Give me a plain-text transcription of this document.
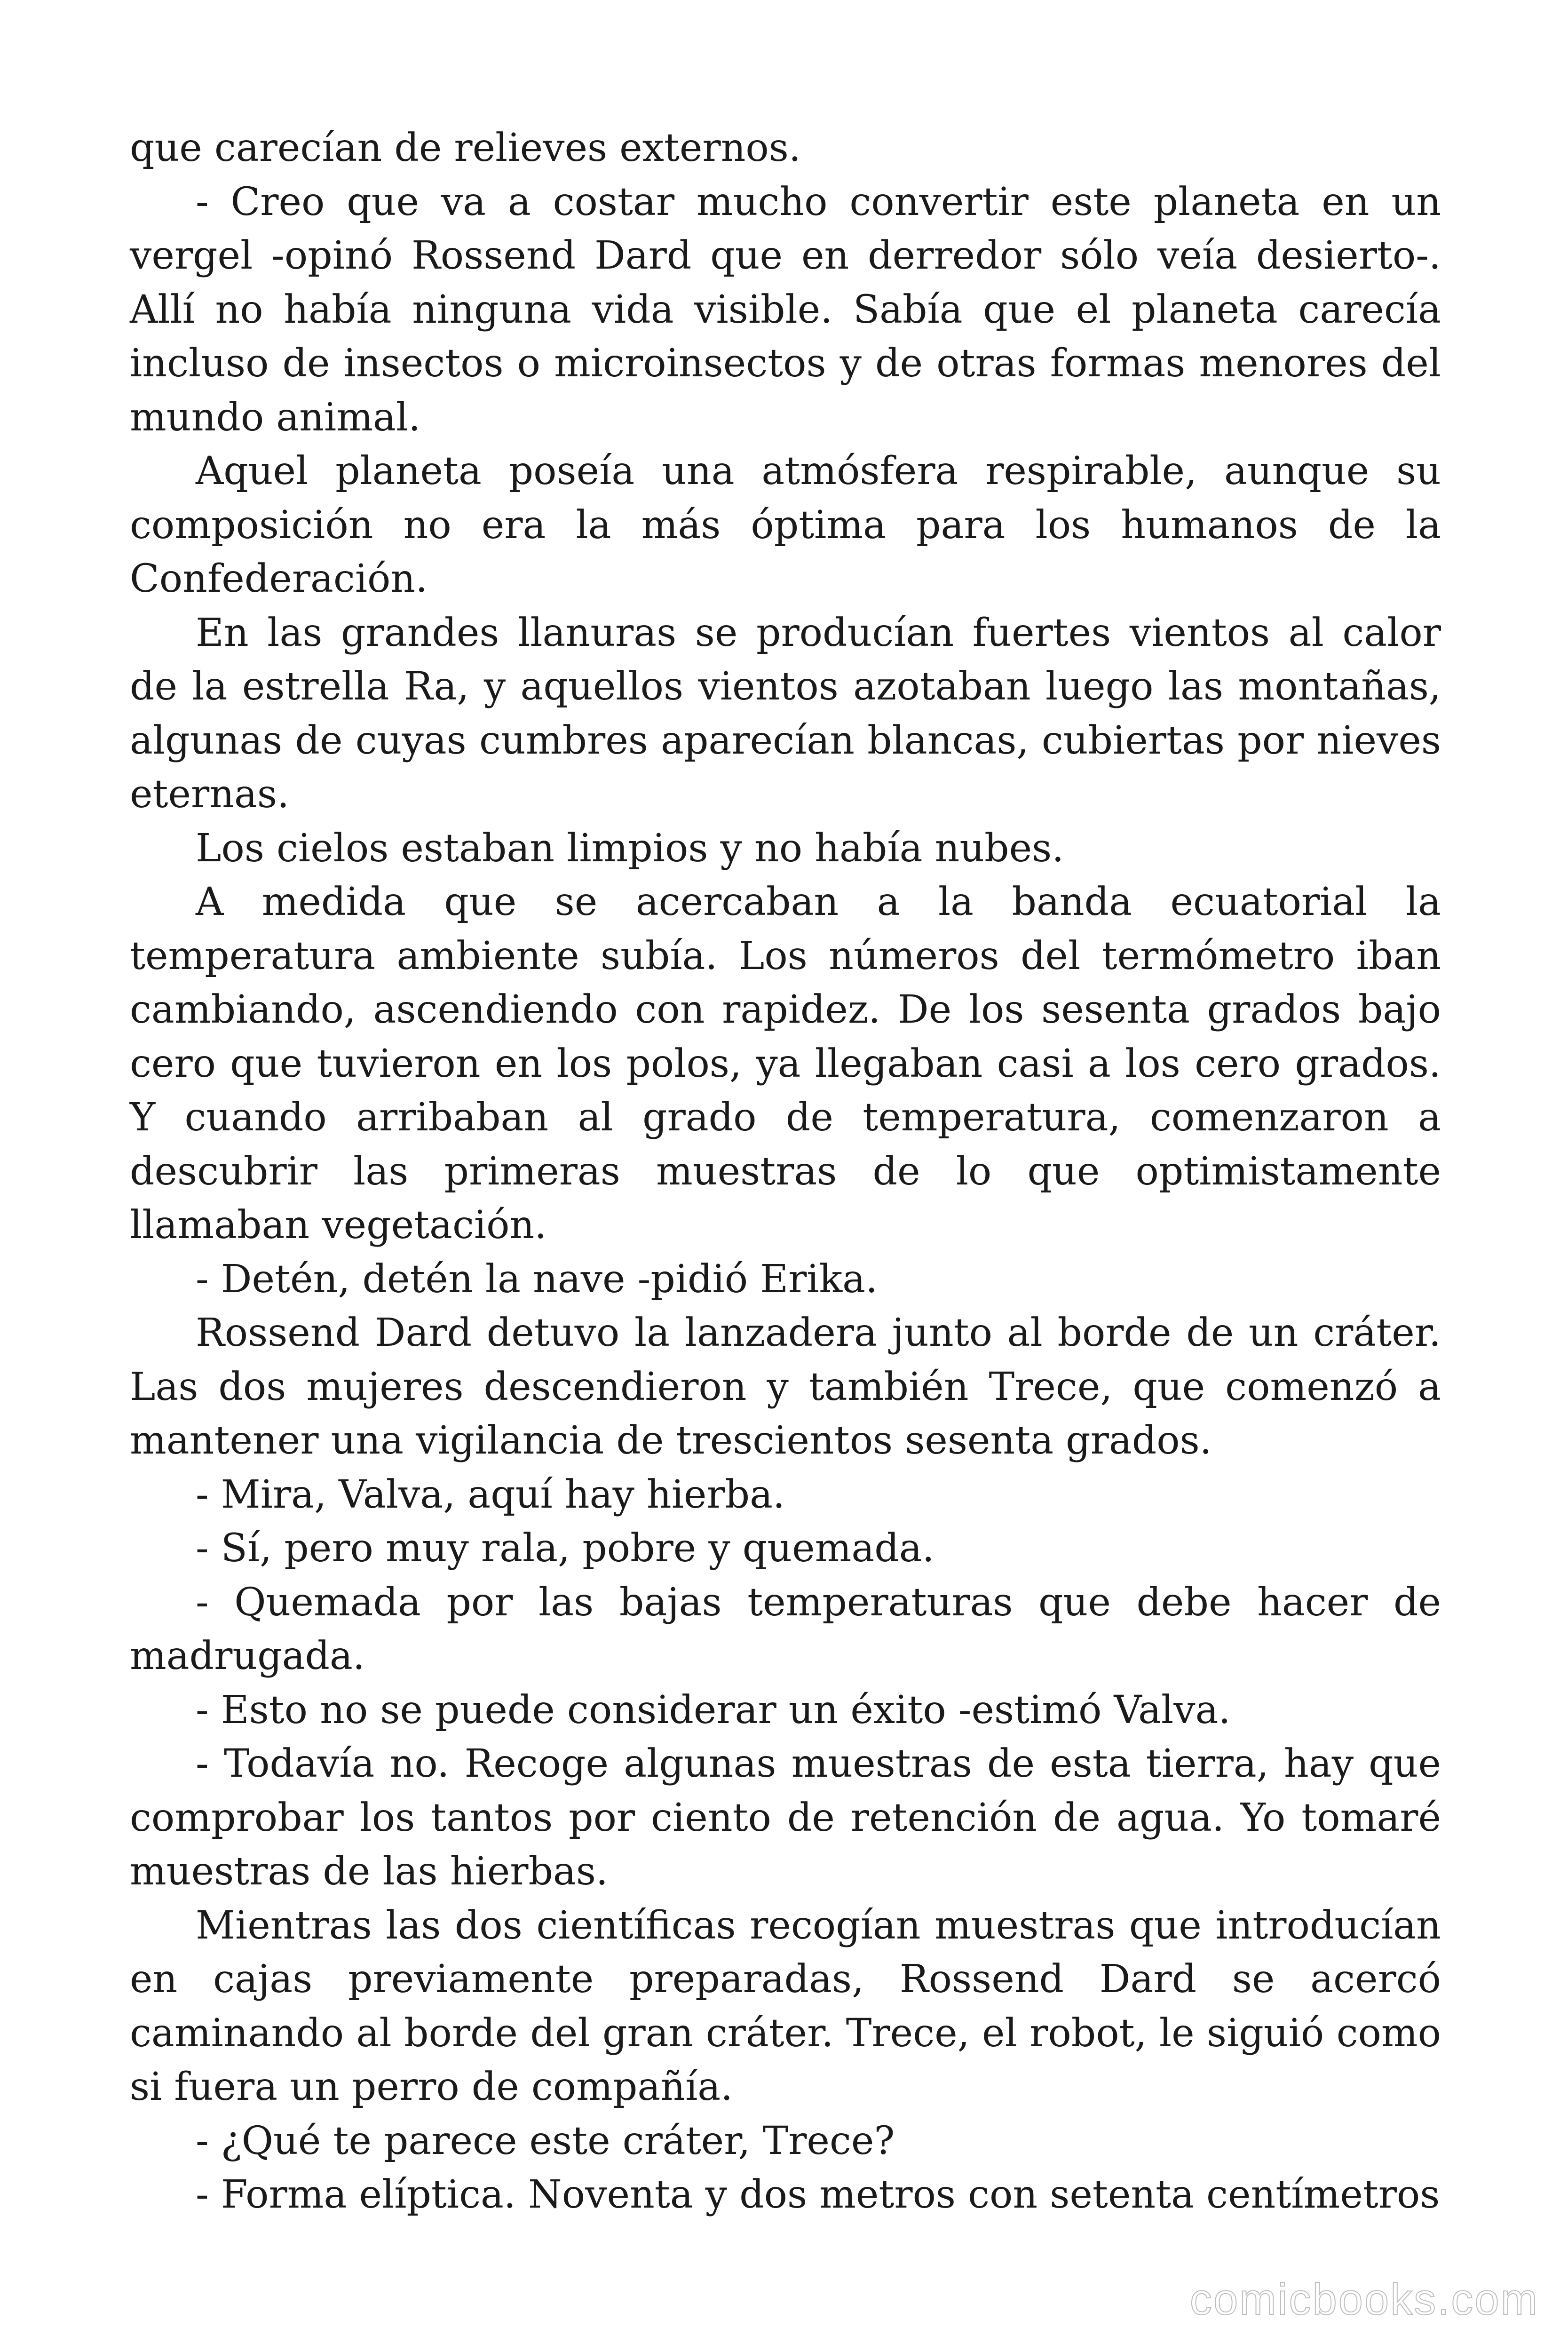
que carecían de relieves externos.

- Creo que va a costar mucho convertir este planeta en un vergel -opinó Rossend Dard que en derredor sólo veía desierto-. Allí no había ninguna vida visible. Sabía que el planeta carecía incluso de insectos o microinsectos y de otras formas menores del mundo animal.

Aquel planeta poseía una atmósfera respirable, aunque su composición no era la más óptima para los humanos de la Confederación.

En las grandes llanuras se producían fuertes vientos al calor de la estrella Ra, y aquellos vientos azotaban luego las montañas, algunas de cuyas cumbres aparecían blancas, cubiertas por nieves eternas.

Los cielos estaban limpios y no había nubes.

A medida que se acercaban a la banda ecuatorial la temperatura ambiente subía. Los números del termómetro iban cambiando, ascendiendo con rapidez. De los sesenta grados bajo cero que tuvieron en los polos, ya llegaban casi a los cero grados. Y cuando arribaban al grado de temperatura, comenzaron a descubrir las primeras muestras de lo que optimistamente llamaban vegetación.

- Detén, detén la nave -pidió Erika.

Rossend Dard detuvo la lanzadera junto al borde de un cráter. Las dos mujeres descendieron y también Trece, que comenzó a mantener una vigilancia de trescientos sesenta grados.

- Mira, Valva, aquí hay hierba.

- Sí, pero muy rala, pobre y quemada.

- Quemada por las bajas temperaturas que debe hacer de madrugada.

- Esto no se puede considerar un éxito -estimó Valva.

- Todavía no. Recoge algunas muestras de esta tierra, hay que comprobar los tantos por ciento de retención de agua. Yo tomaré muestras de las hierbas.

Mientras las dos científicas recogían muestras que introducían en cajas previamente preparadas, Rossend Dard se acercó caminando al borde del gran cráter. Trece, el robot, le siguió como si fuera un perro de compañía.

- ¿Qué te parece este cráter, Trece?

- Forma elíptica. Noventa y dos metros con setenta centímetros

comicbooks.com
